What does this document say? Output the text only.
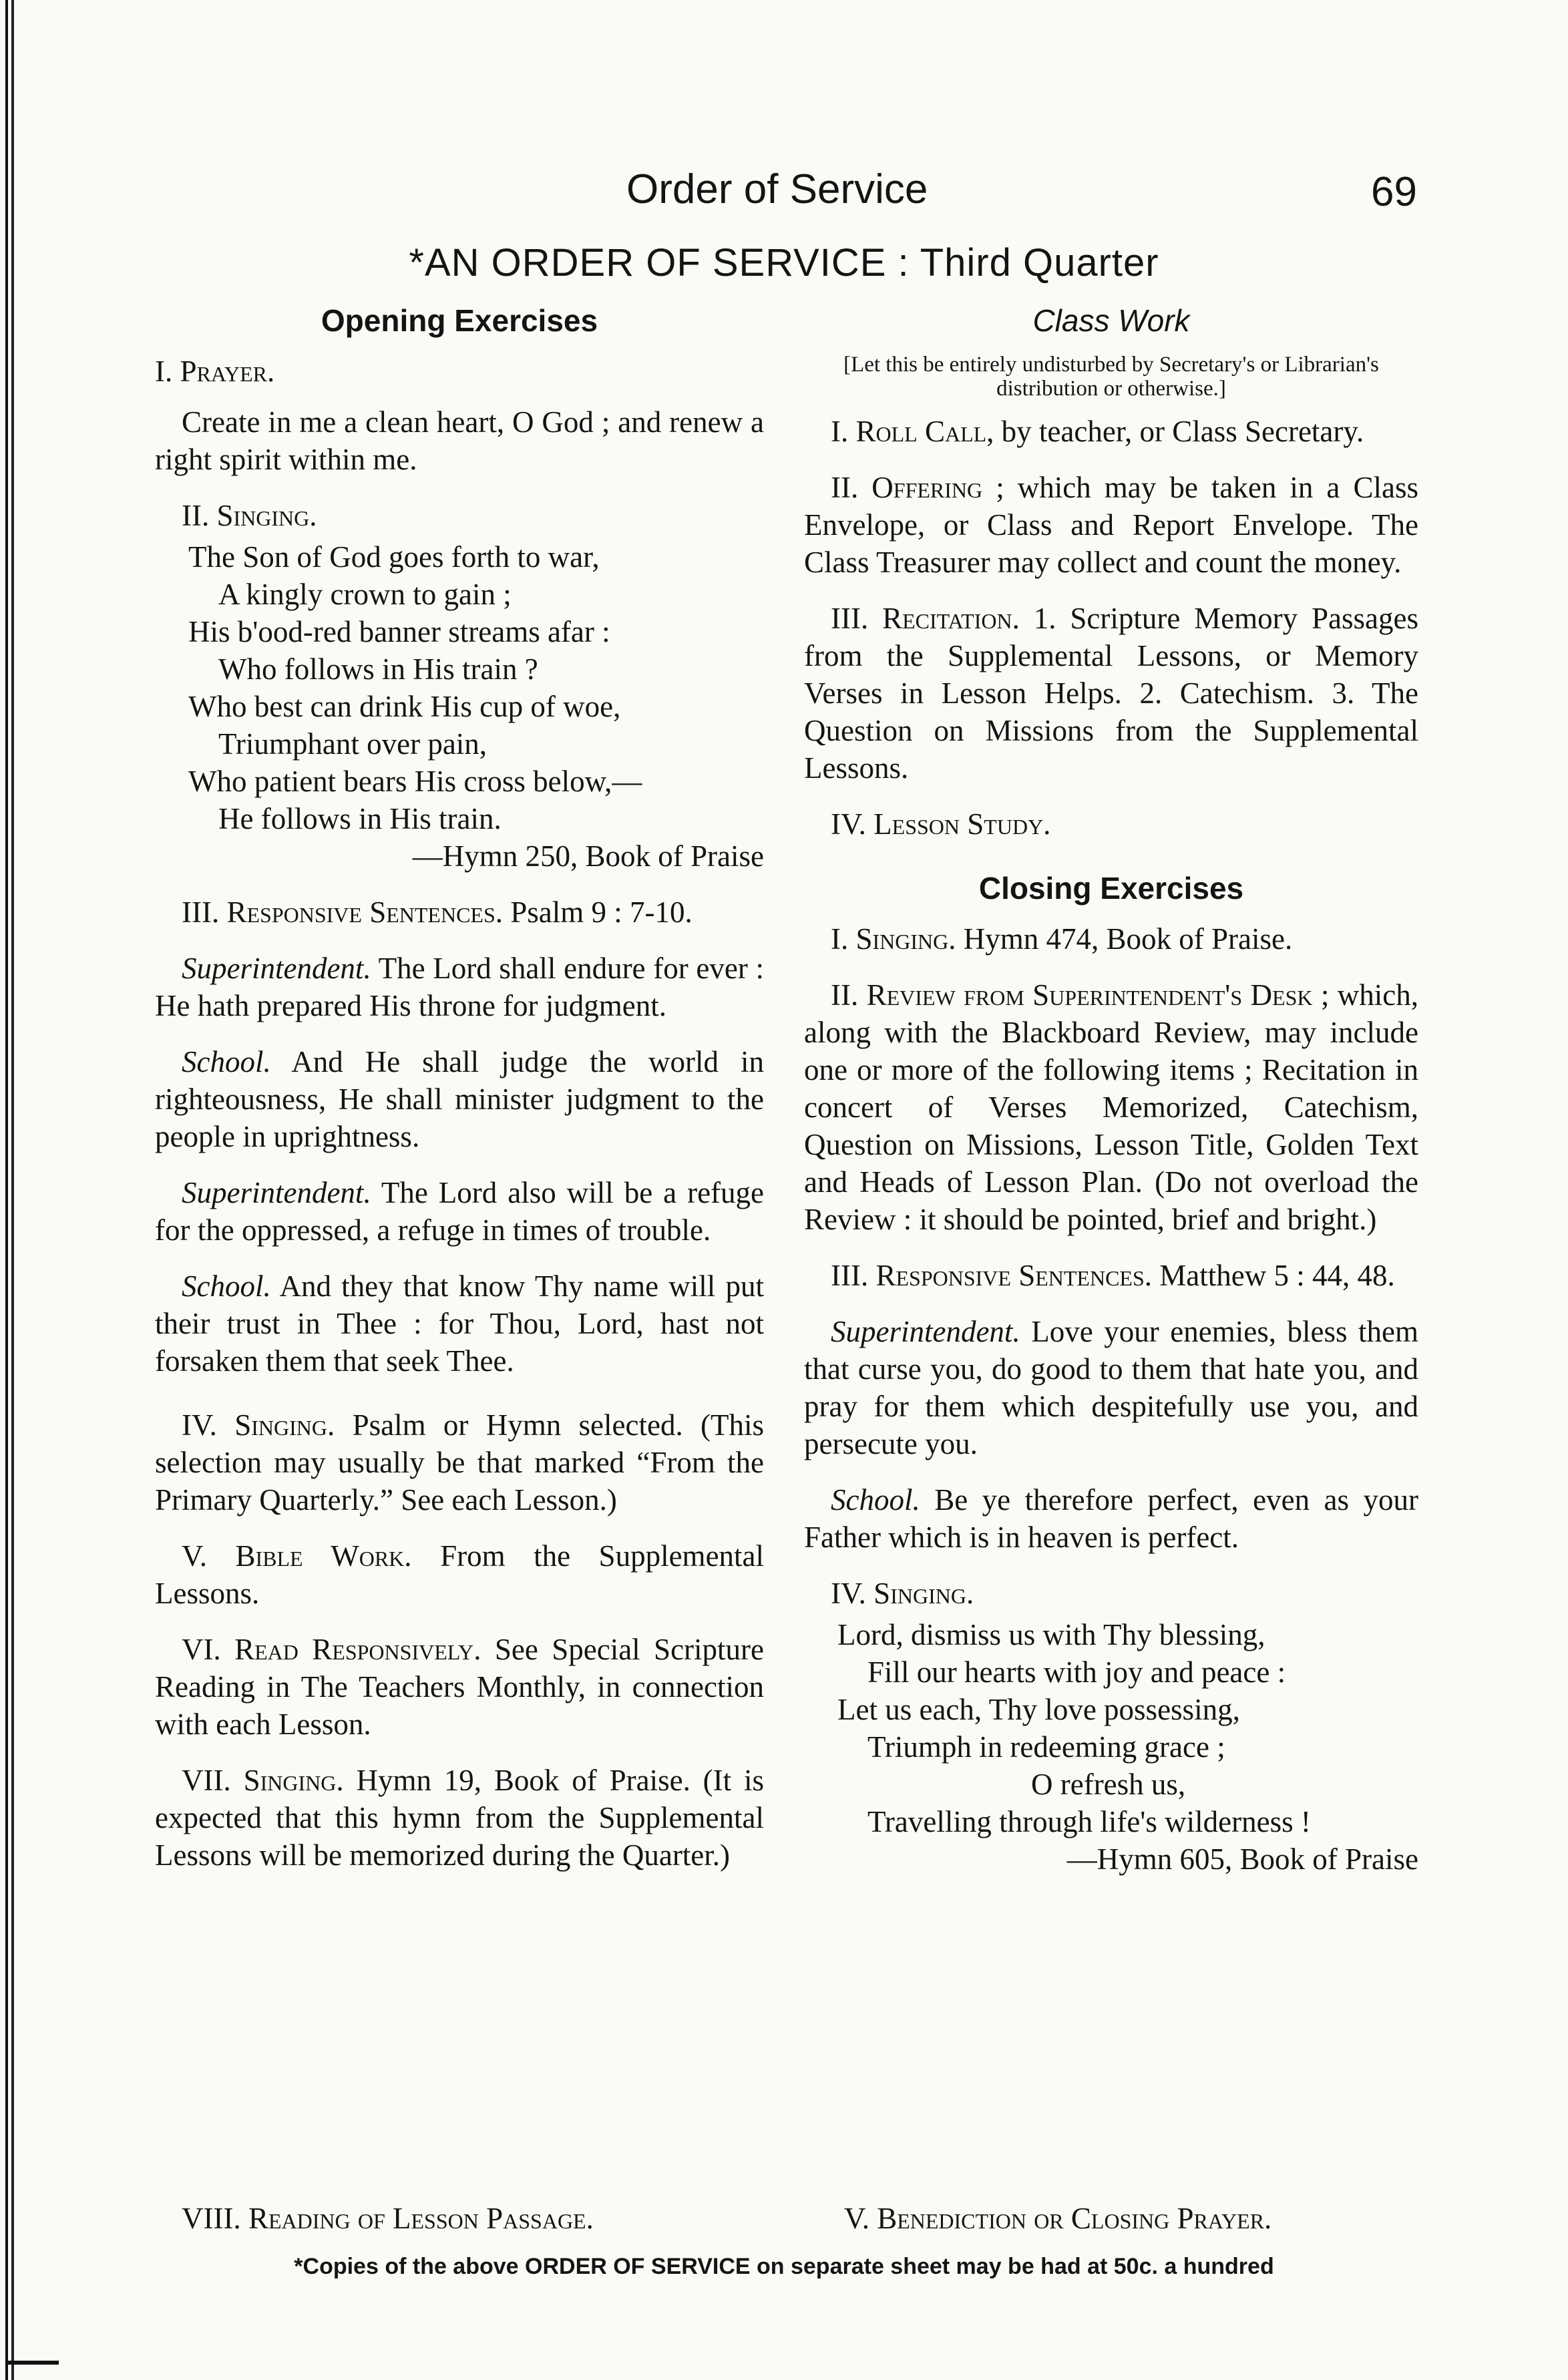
Order of Service	69
*AN ORDER OF SERVICE : Third Quarter
Opening Exercises

I. Prayer.

Create in me a clean heart, O God ; and renew a right spirit within me.

II. Singing.

The Son of God goes forth to war,
A kingly crown to gain ;
His b'ood-red banner streams afar :
Who follows in His train ?
Who best can drink His cup of woe,
Triumphant over pain,
Who patient bears His cross below,—
He follows in His train.
—Hymn 250, Book of Praise

III. Responsive Sentences. Psalm 9 : 7-10.

Superintendent. The Lord shall endure for ever : He hath prepared His throne for judgment.

School. And He shall judge the world in righteousness, He shall minister judgment to the people in uprightness.

Superintendent. The Lord also will be a refuge for the oppressed, a refuge in times of trouble.

School. And they that know Thy name will put their trust in Thee : for Thou, Lord, hast not forsaken them that seek Thee.

IV. Singing. Psalm or Hymn selected. (This selection may usually be that marked “From the Primary Quarterly.” See each Lesson.)

V. Bible Work. From the Supplemental Lessons.

VI. Read Responsively. See Special Scripture Reading in The Teachers Monthly, in connection with each Lesson.

VII. Singing. Hymn 19, Book of Praise. (It is expected that this hymn from the Supplemental Lessons will be memorized during the Quarter.)

VIII. Reading of Lesson Passage.
Class Work
[Let this be entirely undisturbed by Secretary's or Librarian's distribution or otherwise.]

I. Roll Call, by teacher, or Class Secretary.

II. Offering ; which may be taken in a Class Envelope, or Class and Report Envelope. The Class Treasurer may collect and count the money.

III. Recitation. 1. Scripture Memory Passages from the Supplemental Lessons, or Memory Verses in Lesson Helps. 2. Catechism. 3. The Question on Missions from the Supplemental Lessons.

IV. Lesson Study.

Closing Exercises

I. Singing. Hymn 474, Book of Praise.

II. Review from Superintendent's Desk ; which, along with the Blackboard Review, may include one or more of the following items ; Recitation in concert of Verses Memorized, Catechism, Question on Missions, Lesson Title, Golden Text and Heads of Lesson Plan. (Do not overload the Review : it should be pointed, brief and bright.)

III. Responsive Sentences. Matthew 5 : 44, 48.

Superintendent. Love your enemies, bless them that curse you, do good to them that hate you, and pray for them which despitefully use you, and persecute you.

School. Be ye therefore perfect, even as your Father which is in heaven is perfect.

IV. Singing.

Lord, dismiss us with Thy blessing,
Fill our hearts with joy and peace :
Let us each, Thy love possessing,
Triumph in redeeming grace ;
O refresh us,
Travelling through life's wilderness !
—Hymn 605, Book of Praise
V. Benediction or Closing Prayer.
*Copies of the above ORDER OF SERVICE on separate sheet may be had at 50c. a hundred
